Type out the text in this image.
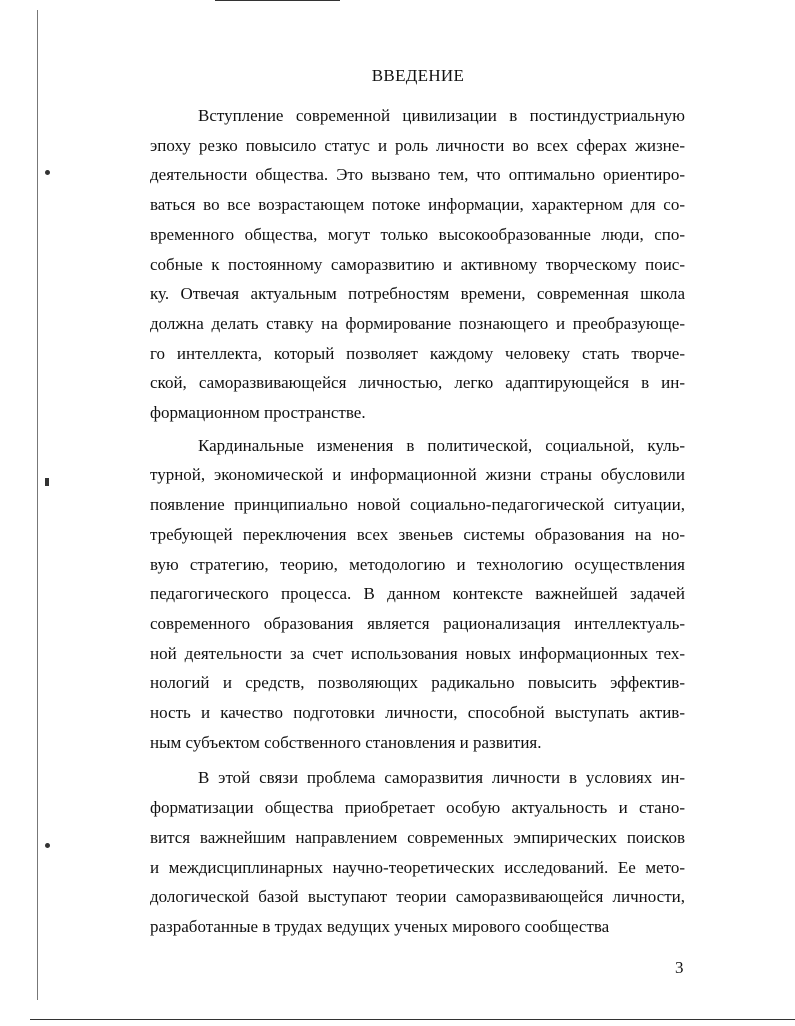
ВВЕДЕНИЕ
Вступление современной цивилизации в постиндустриальную
эпоху резко повысило статус и роль личности во всех сферах жизне-
деятельности общества. Это вызвано тем, что оптимально ориентиро-
ваться во все возрастающем потоке информации, характерном для со-
временного общества, могут только высокообразованные люди, спо-
собные к постоянному саморазвитию и активному творческому поис-
ку. Отвечая актуальным потребностям времени, современная школа
должна делать ставку на формирование познающего и преобразующе-
го интеллекта, который позволяет каждому человеку стать творче-
ской, саморазвивающейся личностью, легко адаптирующейся в ин-
формационном пространстве.
Кардинальные изменения в политической, социальной, куль-
турной, экономической и информационной жизни страны обусловили
появление принципиально новой социально-педагогической ситуации,
требующей переключения всех звеньев системы образования на но-
вую стратегию, теорию, методологию и технологию осуществления
педагогического процесса. В данном контексте важнейшей задачей
современного образования является рационализация интеллектуаль-
ной деятельности за счет использования новых информационных тех-
нологий и средств, позволяющих радикально повысить эффектив-
ность и качество подготовки личности, способной выступать актив-
ным субъектом собственного становления и развития.
В этой связи проблема саморазвития личности в условиях ин-
форматизации общества приобретает особую актуальность и стано-
вится важнейшим направлением современных эмпирических поисков
и междисциплинарных научно-теоретических исследований. Ее мето-
дологической базой выступают теории саморазвивающейся личности,
разработанные в трудах ведущих ученых мирового сообщества
3
